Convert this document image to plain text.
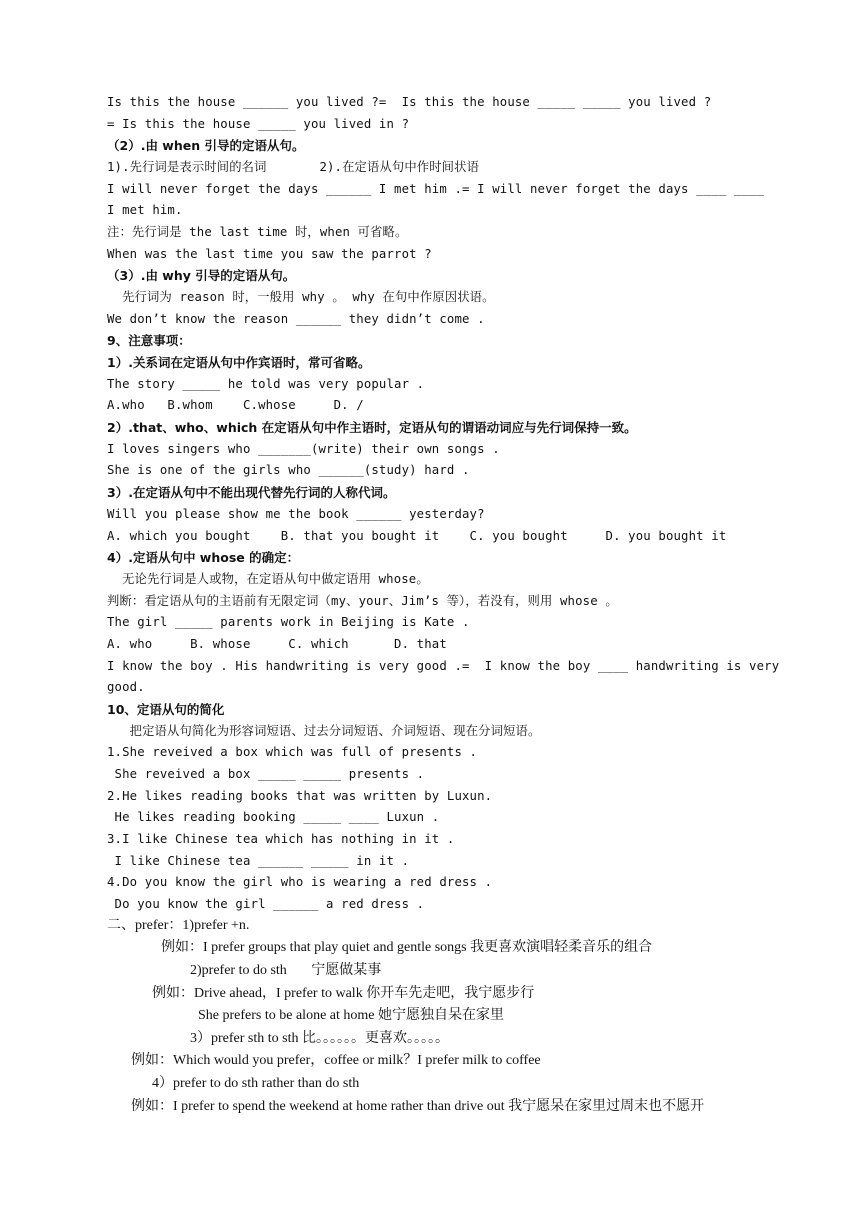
Is this the house ______ you lived ?=  Is this the house _____ _____ you lived ?
= Is this the house _____ you lived in ?
（2）.由 when 引导的定语从句。
1).先行词是表示时间的名词       2).在定语从句中作时间状语
I will never forget the days ______ I met him .= I will never forget the days ____ ____
I met him.
注：先行词是 the last time 时，when 可省略。
When was the last time you saw the parrot ?
（3）.由 why 引导的定语从句。
先行词为 reason 时，一般用 why 。 why 在句中作原因状语。
We don’t know the reason ______ they didn’t come .
9、注意事项：
1）.关系词在定语从句中作宾语时，常可省略。
The story _____ he told was very popular .
A.who   B.whom    C.whose     D. /
2）.that、who、which 在定语从句中作主语时，定语从句的谓语动词应与先行词保持一致。
I loves singers who _______(write) their own songs .
She is one of the girls who ______(study) hard .
3）.在定语从句中不能出现代替先行词的人称代词。
Will you please show me the book ______ yesterday?
A. which you bought    B. that you bought it    C. you bought     D. you bought it
4）.定语从句中 whose 的确定：
无论先行词是人或物，在定语从句中做定语用 whose。
判断：看定语从句的主语前有无限定词（my、your、Jim’s 等），若没有，则用 whose 。
The girl _____ parents work in Beijing is Kate .
A. who     B. whose     C. which      D. that
I know the boy . His handwriting is very good .=  I know the boy ____ handwriting is very
good.
10、定语从句的简化
把定语从句简化为形容词短语、过去分词短语、介词短语、现在分词短语。
1.She reveived a box which was full of presents .
She reveived a box _____ _____ presents .
2.He likes reading books that was written by Luxun.
He likes reading booking _____ ____ Luxun .
3.I like Chinese tea which has nothing in it .
I like Chinese tea ______ _____ in it .
4.Do you know the girl who is wearing a red dress .
Do you know the girl ______ a red dress .
二、prefer：1)prefer +n.
例如：I prefer groups that play quiet and gentle songs 我更喜欢演唱轻柔音乐的组合
2)prefer to do sth       宁愿做某事
例如：Drive ahead，I prefer to walk 你开车先走吧，我宁愿步行
She prefers to be alone at home 她宁愿独自呆在家里
3）prefer sth to sth 比。。。。。。更喜欢。。。。。
例如：Which would you prefer，coffee or milk？I prefer milk to coffee
4）prefer to do sth rather than do sth
例如：I prefer to spend the weekend at home rather than drive out 我宁愿呆在家里过周末也不愿开
